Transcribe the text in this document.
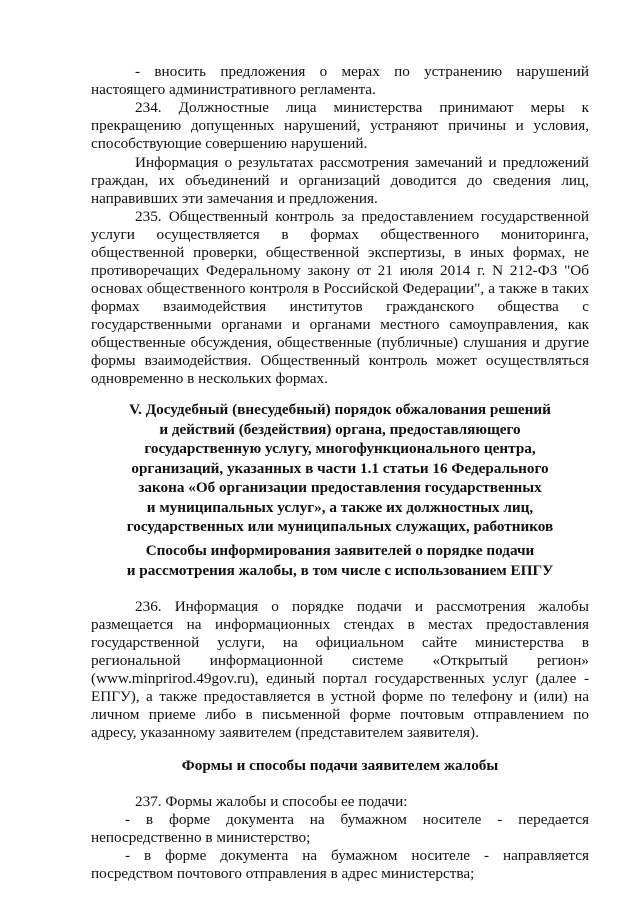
- вносить предложения о мерах по устранению нарушений настоящего административного регламента.

234. Должностные лица министерства принимают меры к прекращению допущенных нарушений, устраняют причины и условия, способствующие совершению нарушений.

Информация о результатах рассмотрения замечаний и предложений граждан, их объединений и организаций доводится до сведения лиц, направивших эти замечания и предложения.

235. Общественный контроль за предоставлением государственной услуги осуществляется в формах общественного мониторинга, общественной проверки, общественной экспертизы, в иных формах, не противоречащих Федеральному закону от 21 июля 2014 г. N 212-ФЗ "Об основах общественного контроля в Российской Федерации", а также в таких формах взаимодействия институтов гражданского общества с государственными органами и органами местного самоуправления, как общественные обсуждения, общественные (публичные) слушания и другие формы взаимодействия. Общественный контроль может осуществляться одновременно в нескольких формах.

V. Досудебный (внесудебный) порядок обжалования решений
и действий (бездействия) органа, предоставляющего
государственную услугу, многофункционального центра,
организаций, указанных в части 1.1 статьи 16 Федерального
закона «Об организации предоставления государственных
и муниципальных услуг», а также их должностных лиц,
государственных или муниципальных служащих, работников
Способы информирования заявителей о порядке подачи
и рассмотрения жалобы, в том числе с использованием ЕПГУ

236. Информация о порядке подачи и рассмотрения жалобы размещается на информационных стендах в местах предоставления государственной услуги, на официальном сайте министерства в региональной информационной системе «Открытый регион» (www.minprirod.49gov.ru), единый портал государственных услуг (далее - ЕПГУ), а также предоставляется в устной форме по телефону и (или) на личном приеме либо в письменной форме почтовым отправлением по адресу, указанному заявителем (представителем заявителя).

Формы и способы подачи заявителем жалобы

237. Формы жалобы и способы ее подачи:

- в форме документа на бумажном носителе - передается непосредственно в министерство;

- в форме документа на бумажном носителе - направляется посредством почтового отправления в адрес министерства;
